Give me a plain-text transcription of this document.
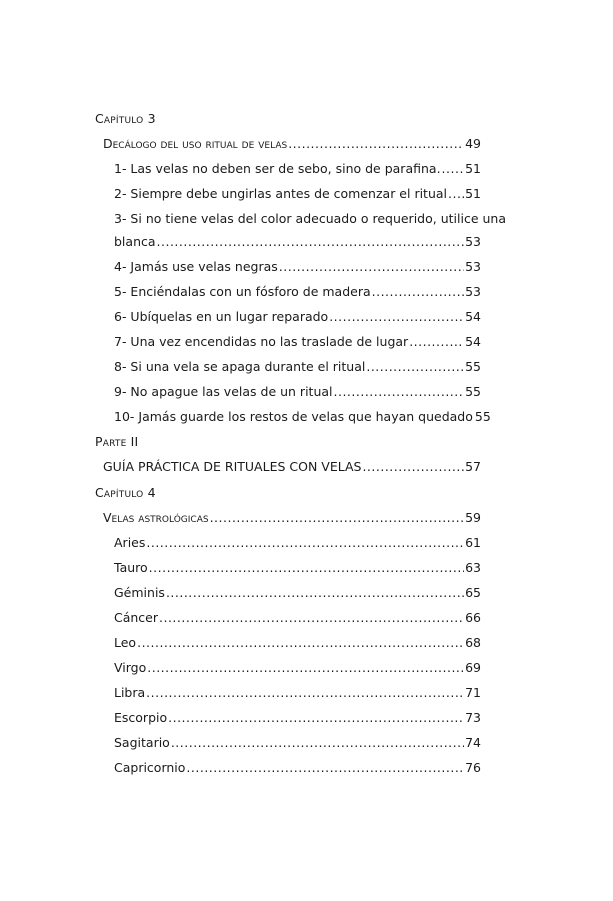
Capítulo 3
Decálogo del uso ritual de velas .....	49
1- Las velas no deben ser de sebo, sino de parafina. ..... 51
2- Siempre debe ungirlas antes de comenzar el ritual ..... 51
3- Si no tiene velas del color adecuado o requerido, utilice una
blanca .....	53
4- Jamás use velas negras .....	53
5- Enciéndalas con un fósforo de madera .....	53
6- Ubíquelas en un lugar reparado .....	54
7- Una vez encendidas no las traslade de lugar .....	54
8- Si una vela se apaga durante el ritual .....	55
9- No apague las velas de un ritual .....	55
10- Jamás guarde los restos de velas que hayan quedado 55
Parte II
GUÍA PRÁCTICA DE RITUALES CON VELAS .....	57
Capítulo 4
Velas astrológicas .....	59
Aries .....	61
Tauro .....	63
Géminis .....	65
Cáncer .....	66
Leo .....	68
Virgo .....	69
Libra .....	71
Escorpio .....	73
Sagitario .....	74
Capricornio .....	76
